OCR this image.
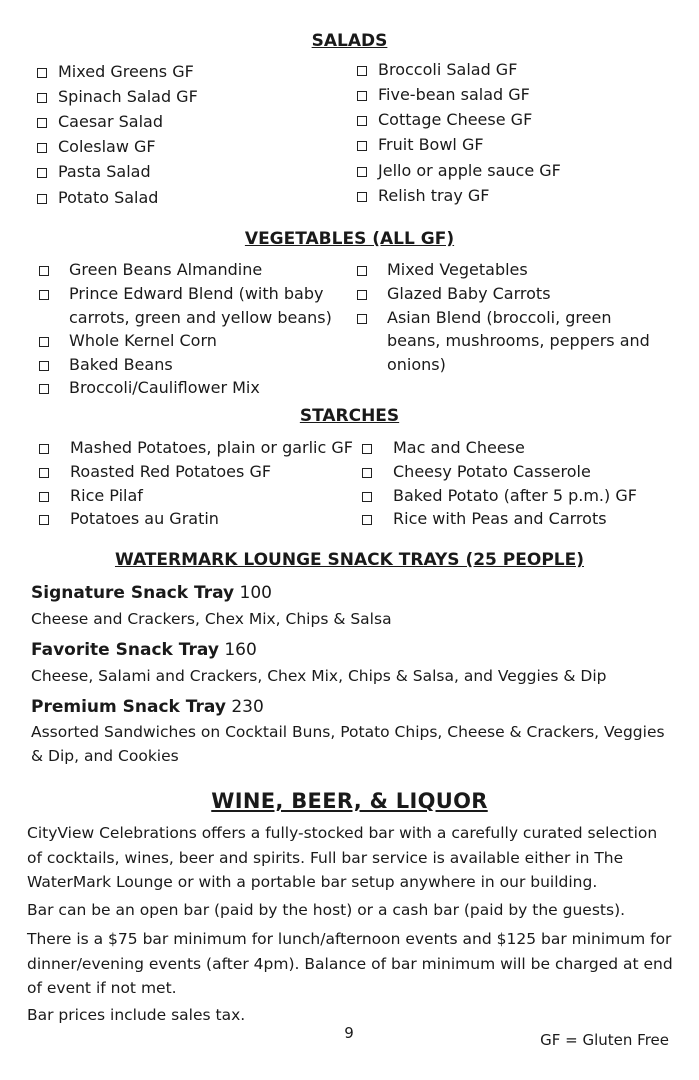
SALADS
Mixed Greens GF
Spinach Salad GF
Caesar Salad
Coleslaw GF
Pasta Salad
Potato Salad
Broccoli Salad GF
Five-bean salad GF
Cottage Cheese GF
Fruit Bowl GF
Jello or apple sauce GF
Relish tray GF
VEGETABLES (ALL GF)
Green Beans Almandine
Prince Edward Blend (with baby
carrots, green and yellow beans)
Whole Kernel Corn
Baked Beans
Broccoli/Cauliflower Mix
Mixed Vegetables
Glazed Baby Carrots
Asian Blend (broccoli, green
beans, mushrooms, peppers and
onions)
STARCHES
Mashed Potatoes, plain or garlic GF
Roasted Red Potatoes GF
Rice Pilaf
Potatoes au Gratin
Mac and Cheese
Cheesy Potato Casserole
Baked Potato (after 5 p.m.) GF
Rice with Peas and Carrots
WATERMARK LOUNGE SNACK TRAYS (25 PEOPLE)
Signature Snack Tray 100
Cheese and Crackers, Chex Mix, Chips & Salsa
Favorite Snack Tray 160
Cheese, Salami and Crackers, Chex Mix, Chips & Salsa, and Veggies & Dip
Premium Snack Tray 230
Assorted Sandwiches on Cocktail Buns, Potato Chips, Cheese & Crackers, Veggies & Dip, and Cookies
WINE, BEER, & LIQUOR
CityView Celebrations offers a fully-stocked bar with a carefully curated selection of cocktails, wines, beer and spirits. Full bar service is available either in The WaterMark Lounge or with a portable bar setup anywhere in our building.
Bar can be an open bar (paid by the host) or a cash bar (paid by the guests).
There is a $75 bar minimum for lunch/afternoon events and $125 bar minimum for dinner/evening events (after 4pm). Balance of bar minimum will be charged at end of event if not met.
Bar prices include sales tax.
9	GF = Gluten Free
